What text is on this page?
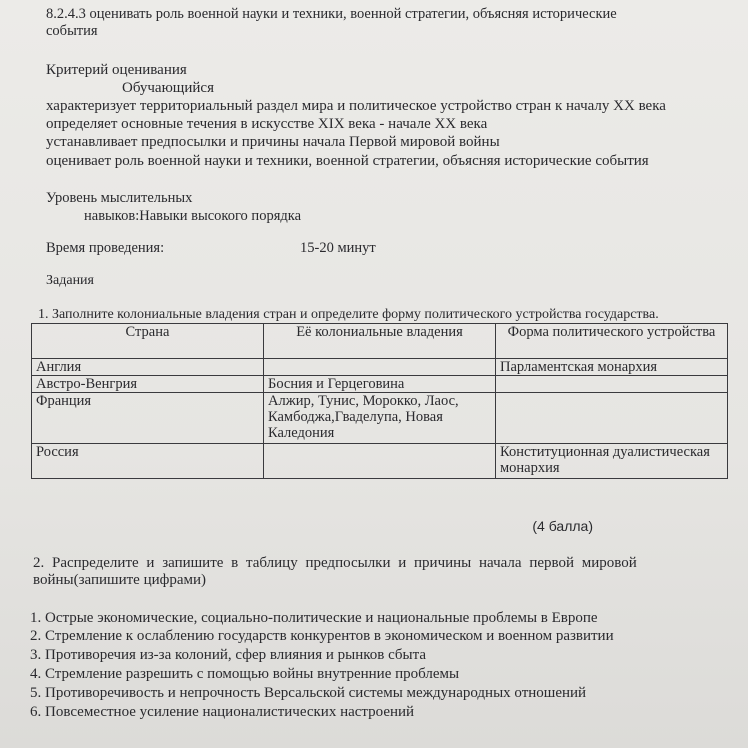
8.2.4.3 оценивать роль военной науки и техники, военной стратегии, объясняя исторические
события
Критерий оценивания
Обучающийся
характеризует территориальный раздел мира и политическое устройство стран к началу XX века
определяет основные течения в искусстве XIX века - начале XX века
устанавливает предпосылки и причины начала Первой мировой войны
оценивает роль военной науки и техники, военной стратегии, объясняя исторические события
Уровень мыслительных
навыков:Навыки высокого порядка
Время проведения:	15-20 минут
Задания
1. Заполните колониальные владения стран и определите форму политического устройства государства.
Страна	Её колониальные владения	Форма политического устройства
Англия		Парламентская монархия
Австро-Венгрия	Босния и Герцеговина	
Франция	Алжир, Тунис, Морокко, Лаос, Камбоджа,Гваделупа, Новая Каледония	
Россия		Конституционная дуалистическая монархия
(4 балла)
2. Распределите и запишите в таблицу предпосылки и причины начала первой мировой
войны(запишите цифрами)
1. Острые экономические, социально-политические и национальные проблемы в Европе
2. Стремление к ослаблению государств конкурентов в экономическом и военном развитии
3. Противоречия из-за колоний, сфер влияния и рынков сбыта
4. Стремление разрешить с помощью войны внутренние проблемы
5. Противоречивость и непрочность Версальской системы международных отношений
6. Повсеместное усиление националистических настроений
